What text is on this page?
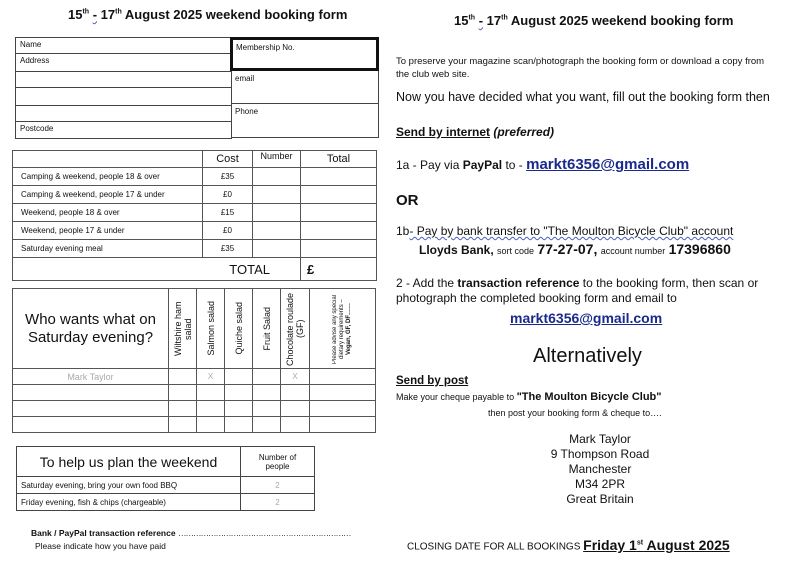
15th - 17th August 2025 weekend booking form
Name
Address
Postcode
Membership No.
email
Phone
	Cost	Number	Total
Camping & weekend, people 18 & over	£35		
Camping & weekend, people 17 & under	£0		
Weekend, people 18 & over	£15		
Weekend, people 17 & under	£0		
Saturday evening meal	£35		
TOTAL			£
Who wants what on Saturday evening?	Wiltshire ham salad	Salmon salad	Quiche salad	Fruit Salad	Chocolate roulade (GF)	Please advise any special dietary requirements – Vegan, GF, DF……

Mark Taylor		X			X	

To help us plan the weekend	Number of people
Saturday evening, bring your own food BBQ	2
Friday evening, fish & chips (chargeable)	2
Bank / PayPal transaction reference ……………………………………………………………
Please indicate how you have paid
15th - 17th August 2025 weekend booking form
To preserve your magazine scan/photograph the booking form or download a copy from the club web site.
Now you have decided what you want, fill out the booking form then
Send by internet (preferred)
1a - Pay via PayPal to - markt6356@gmail.com
OR
1b- Pay by bank transfer to "The Moulton Bicycle Club" account
Lloyds Bank, sort code 77-27-07, account number 17396860
2 - Add the transaction reference to the booking form, then scan or photograph the completed booking form and email to
markt6356@gmail.com
Alternatively
Send by post
Make your cheque payable to "The Moulton Bicycle Club"
then post your booking form & cheque to….
Mark Taylor
9 Thompson Road
Manchester
M34 2PR
Great Britain
CLOSING DATE FOR ALL BOOKINGS Friday 1st August 2025
